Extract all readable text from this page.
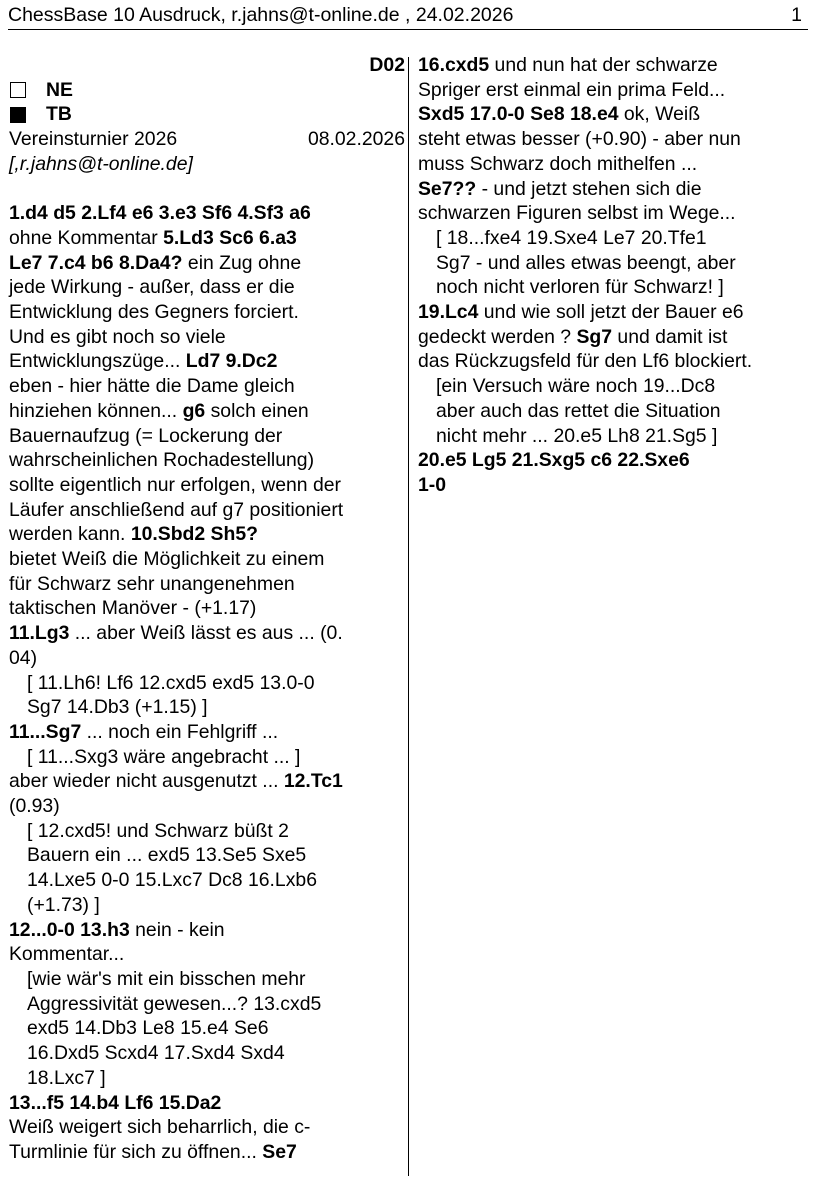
ChessBase 10 Ausdruck, r.jahns@t-online.de , 24.02.2026	1
D02
NE
TB
Vereinsturnier 2026	08.02.2026
[,r.jahns@t-online.de]

1.d4 d5 2.Lf4 e6 3.e3 Sf6 4.Sf3 a6

ohne Kommentar 5.Ld3 Sc6 6.a3

Le7 7.c4 b6 8.Da4? ein Zug ohne

jede Wirkung - außer, dass er die

Entwicklung des Gegners forciert.

Und es gibt noch so viele

Entwicklungszüge... Ld7 9.Dc2

eben - hier hätte die Dame gleich

hinziehen können... g6 solch einen

Bauernaufzug (= Lockerung der

wahrscheinlichen Rochadestellung)

sollte eigentlich nur erfolgen, wenn der

Läufer anschließend auf g7 positioniert

werden kann. 10.Sbd2 Sh5?

bietet Weiß die Möglichkeit zu einem

für Schwarz sehr unangenehmen

taktischen Manöver - (+1.17)

11.Lg3 ... aber Weiß lässt es aus ... (0.

04)

[ 11.Lh6! Lf6 12.cxd5 exd5 13.0-0

Sg7 14.Db3 (+1.15) ]

11...Sg7 ... noch ein Fehlgriff ...

[ 11...Sxg3 wäre angebracht ... ]

aber wieder nicht ausgenutzt ... 12.Tc1

(0.93)

[ 12.cxd5! und Schwarz büßt 2

Bauern ein ... exd5 13.Se5 Sxe5

14.Lxe5 0-0 15.Lxc7 Dc8 16.Lxb6

(+1.73) ]

12...0-0 13.h3 nein - kein

Kommentar...

[wie wär's mit ein bisschen mehr

Aggressivität gewesen...? 13.cxd5

exd5 14.Db3 Le8 15.e4 Se6

16.Dxd5 Scxd4 17.Sxd4 Sxd4

18.Lxc7 ]

13...f5 14.b4 Lf6 15.Da2

Weiß weigert sich beharrlich, die c-

Turmlinie für sich zu öffnen... Se7

16.cxd5 und nun hat der schwarze

Spriger erst einmal ein prima Feld...

Sxd5 17.0-0 Se8 18.e4 ok, Weiß

steht etwas besser (+0.90) - aber nun

muss Schwarz doch mithelfen ...

Se7?? - und jetzt stehen sich die

schwarzen Figuren selbst im Wege...

[ 18...fxe4 19.Sxe4 Le7 20.Tfe1

Sg7 - und alles etwas beengt, aber

noch nicht verloren für Schwarz! ]

19.Lc4 und wie soll jetzt der Bauer e6

gedeckt werden ? Sg7 und damit ist

das Rückzugsfeld für den Lf6 blockiert.

[ein Versuch wäre noch 19...Dc8

aber auch das rettet die Situation

nicht mehr ... 20.e5 Lh8 21.Sg5 ]

20.e5 Lg5 21.Sxg5 c6 22.Sxe6

1-0
